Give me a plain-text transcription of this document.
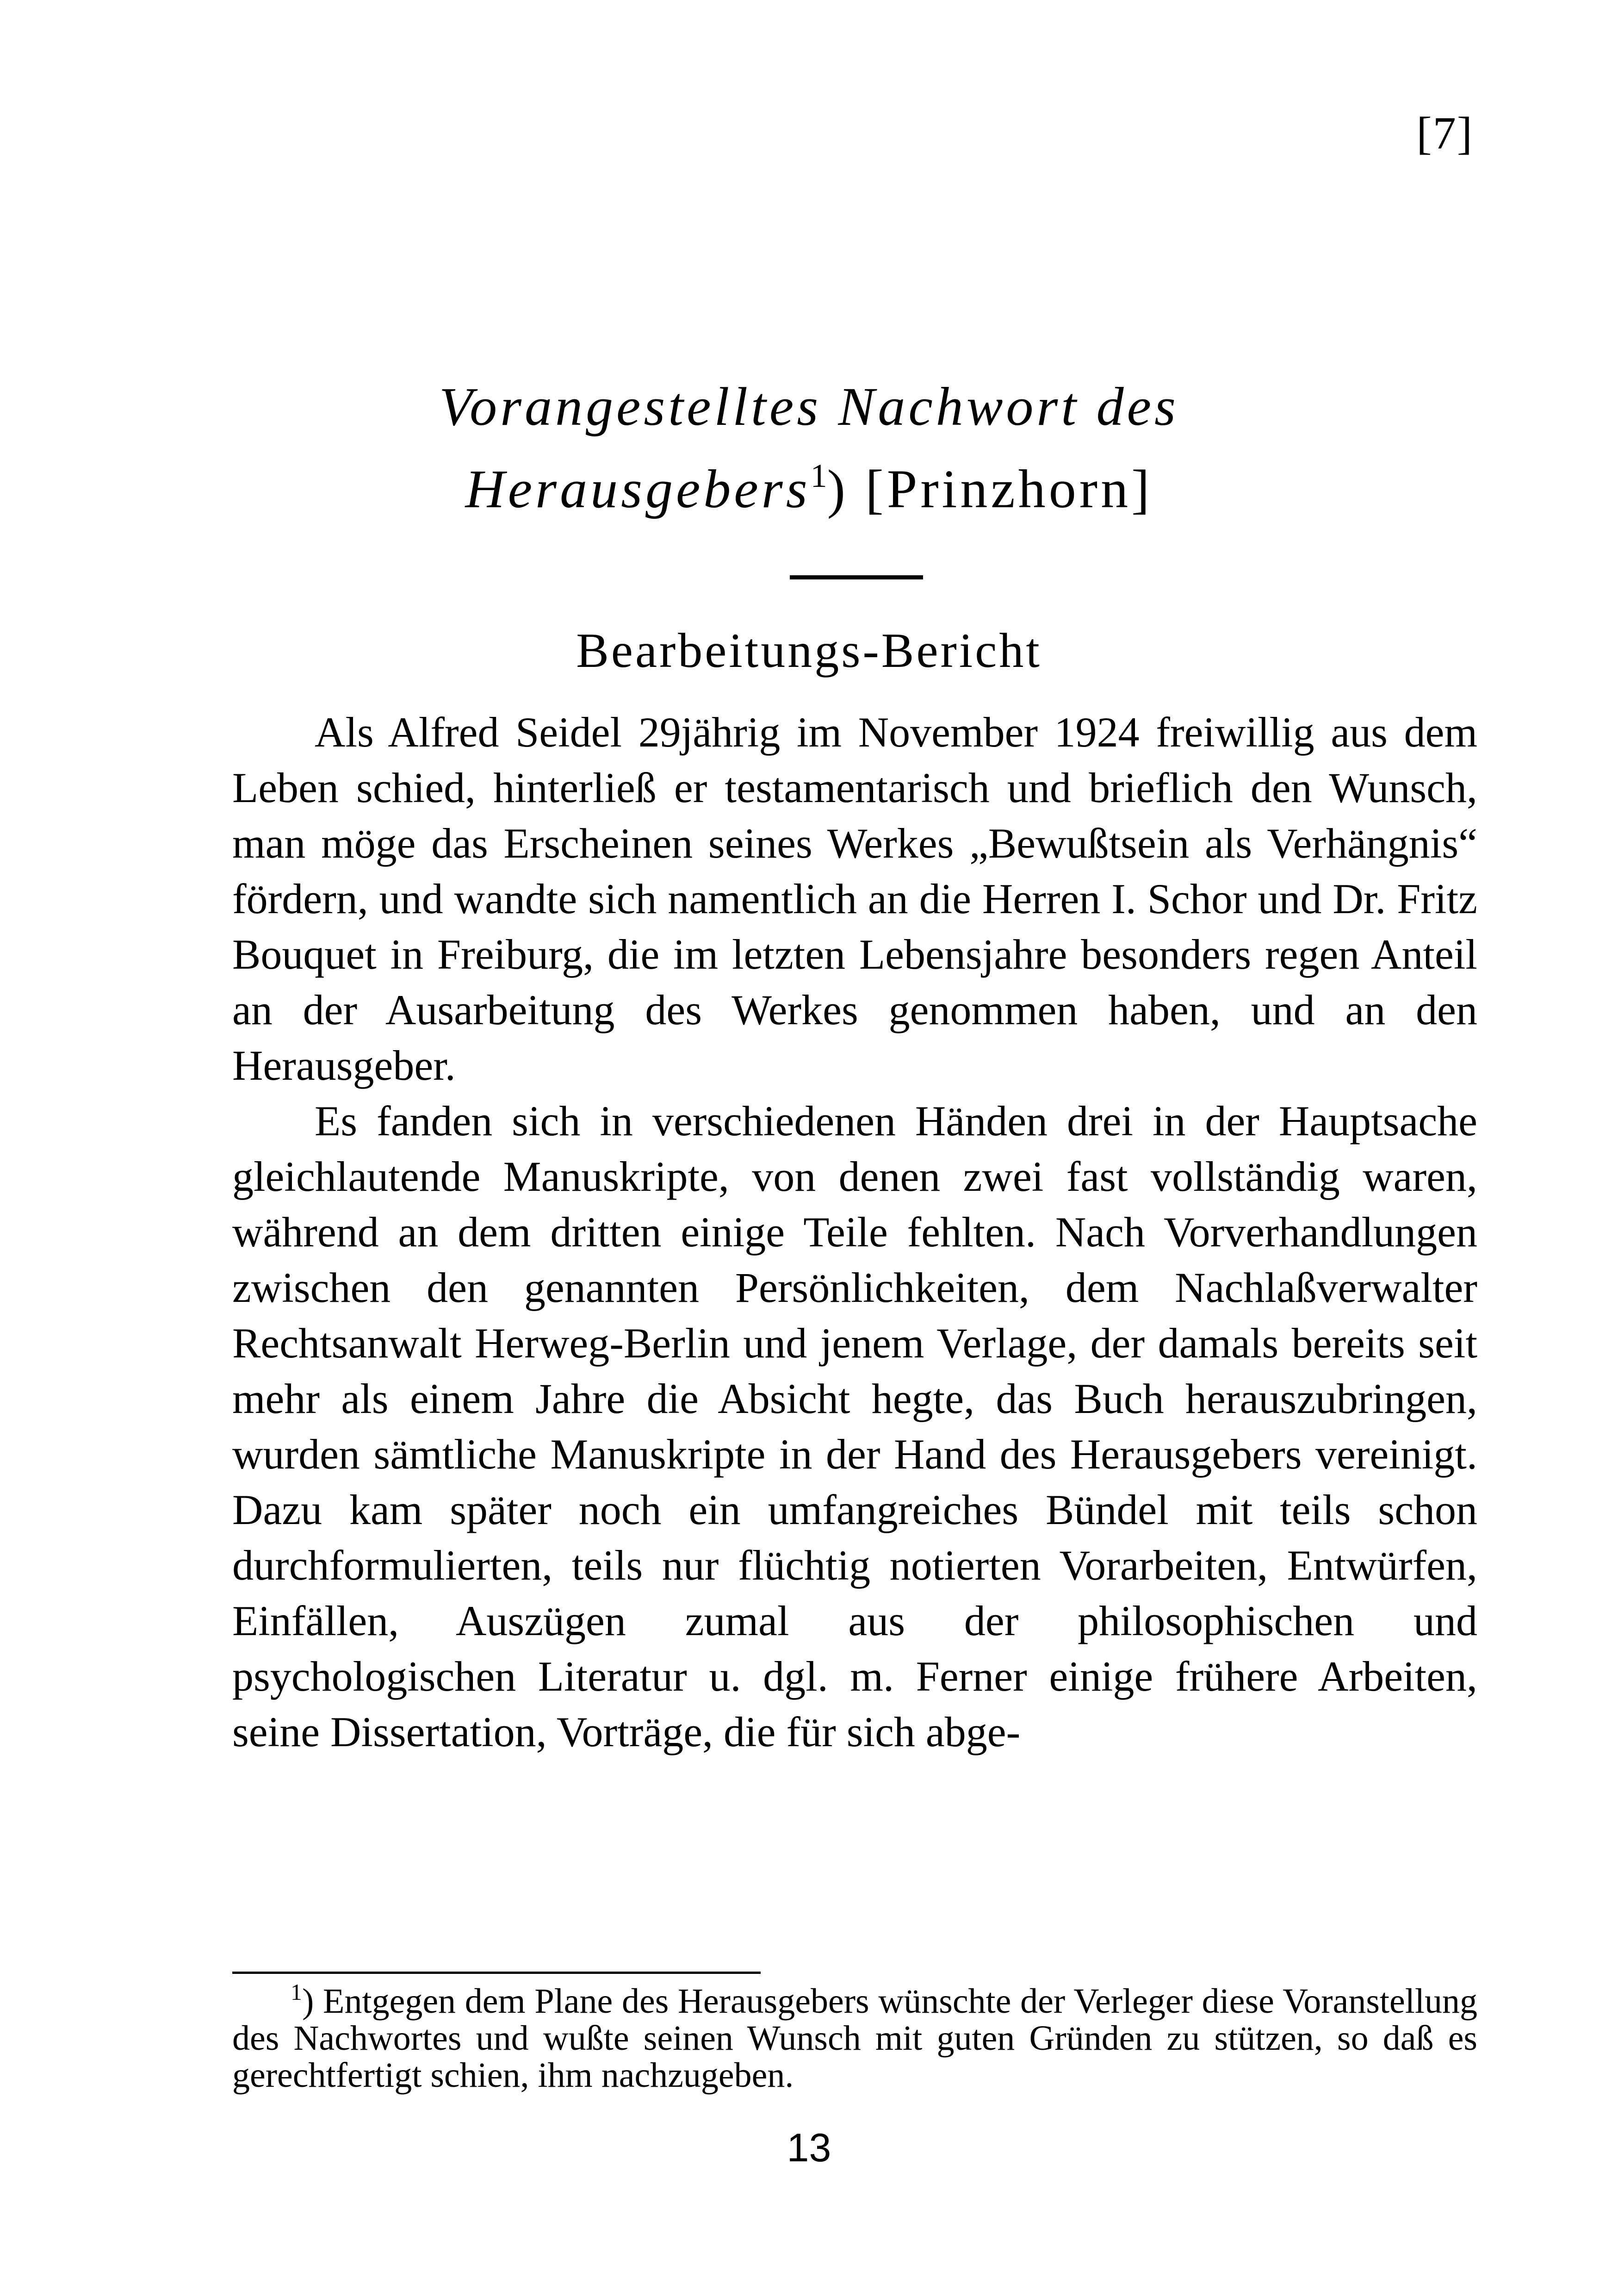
[7]
Vorangestelltes Nachwort des
Herausgebers$^1$) [Prinzhorn]
Bearbeitungs-Bericht

Als Alfred Seidel 29jährig im November 1924 freiwillig aus dem Leben schied, hinterließ er testamentarisch und brieflich den Wunsch, man möge das Erscheinen seines Werkes „Bewußtsein als Verhängnis“ fördern, und wandte sich namentlich an die Herren I. Schor und Dr. Fritz Bouquet in Freiburg, die im letzten Lebensjahre besonders regen Anteil an der Ausarbeitung des Werkes genommen haben, und an den Herausgeber.

Es fanden sich in verschiedenen Händen drei in der Hauptsache gleichlautende Manuskripte, von denen zwei fast vollständig waren, während an dem dritten einige Teile fehlten. Nach Vorverhandlungen zwischen den genannten Persönlichkeiten, dem Nachlaßverwalter Rechtsanwalt Herweg-Berlin und jenem Verlage, der damals bereits seit mehr als einem Jahre die Absicht hegte, das Buch herauszubringen, wurden sämtliche Manuskripte in der Hand des Herausgebers vereinigt. Dazu kam später noch ein umfangreiches Bündel mit teils schon durchformulierten, teils nur flüchtig notierten Vorarbeiten, Entwürfen, Einfällen, Auszügen zumal aus der philosophischen und psychologischen Literatur u. dgl. m. Ferner einige frühere Arbeiten, seine Dissertation, Vorträge, die für sich abge-

$^1$) Entgegen dem Plane des Herausgebers wünschte der Verleger diese Voranstellung des Nachwortes und wußte seinen Wunsch mit guten Gründen zu stützen, so daß es gerechtfertigt schien, ihm nachzugeben.
13
